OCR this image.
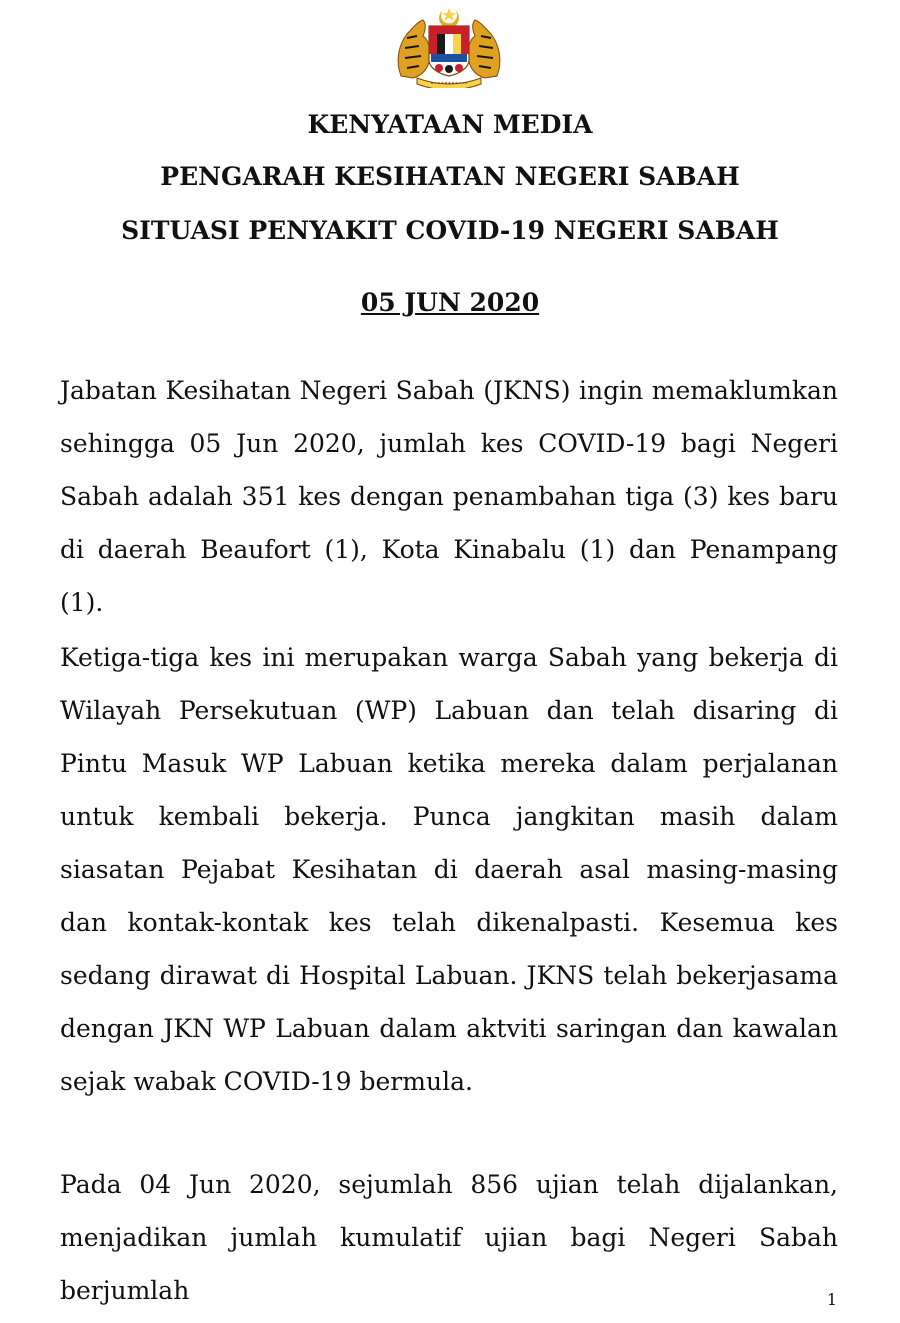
KENYATAAN MEDIA
PENGARAH KESIHATAN NEGERI SABAH
SITUASI PENYAKIT COVID-19 NEGERI SABAH
05 JUN 2020

Jabatan Kesihatan Negeri Sabah (JKNS) ingin memaklumkan sehingga 05 Jun 2020, jumlah kes COVID-19 bagi Negeri Sabah adalah 351 kes dengan penambahan tiga (3) kes baru di daerah Beaufort (1), Kota Kinabalu (1) dan Penampang (1).

Ketiga-tiga kes ini merupakan warga Sabah yang bekerja di Wilayah Persekutuan (WP) Labuan dan telah disaring di Pintu Masuk WP Labuan ketika mereka dalam perjalanan untuk kembali bekerja. Punca jangkitan masih dalam siasatan Pejabat Kesihatan di daerah asal masing-masing dan kontak-kontak kes telah dikenalpasti. Kesemua kes sedang dirawat di Hospital Labuan. JKNS telah bekerjasama dengan JKN WP Labuan dalam aktviti saringan dan kawalan sejak wabak COVID-19 bermula.

Pada 04 Jun 2020, sejumlah 856 ujian telah dijalankan, menjadikan jumlah kumulatif ujian bagi Negeri Sabah berjumlah	1
